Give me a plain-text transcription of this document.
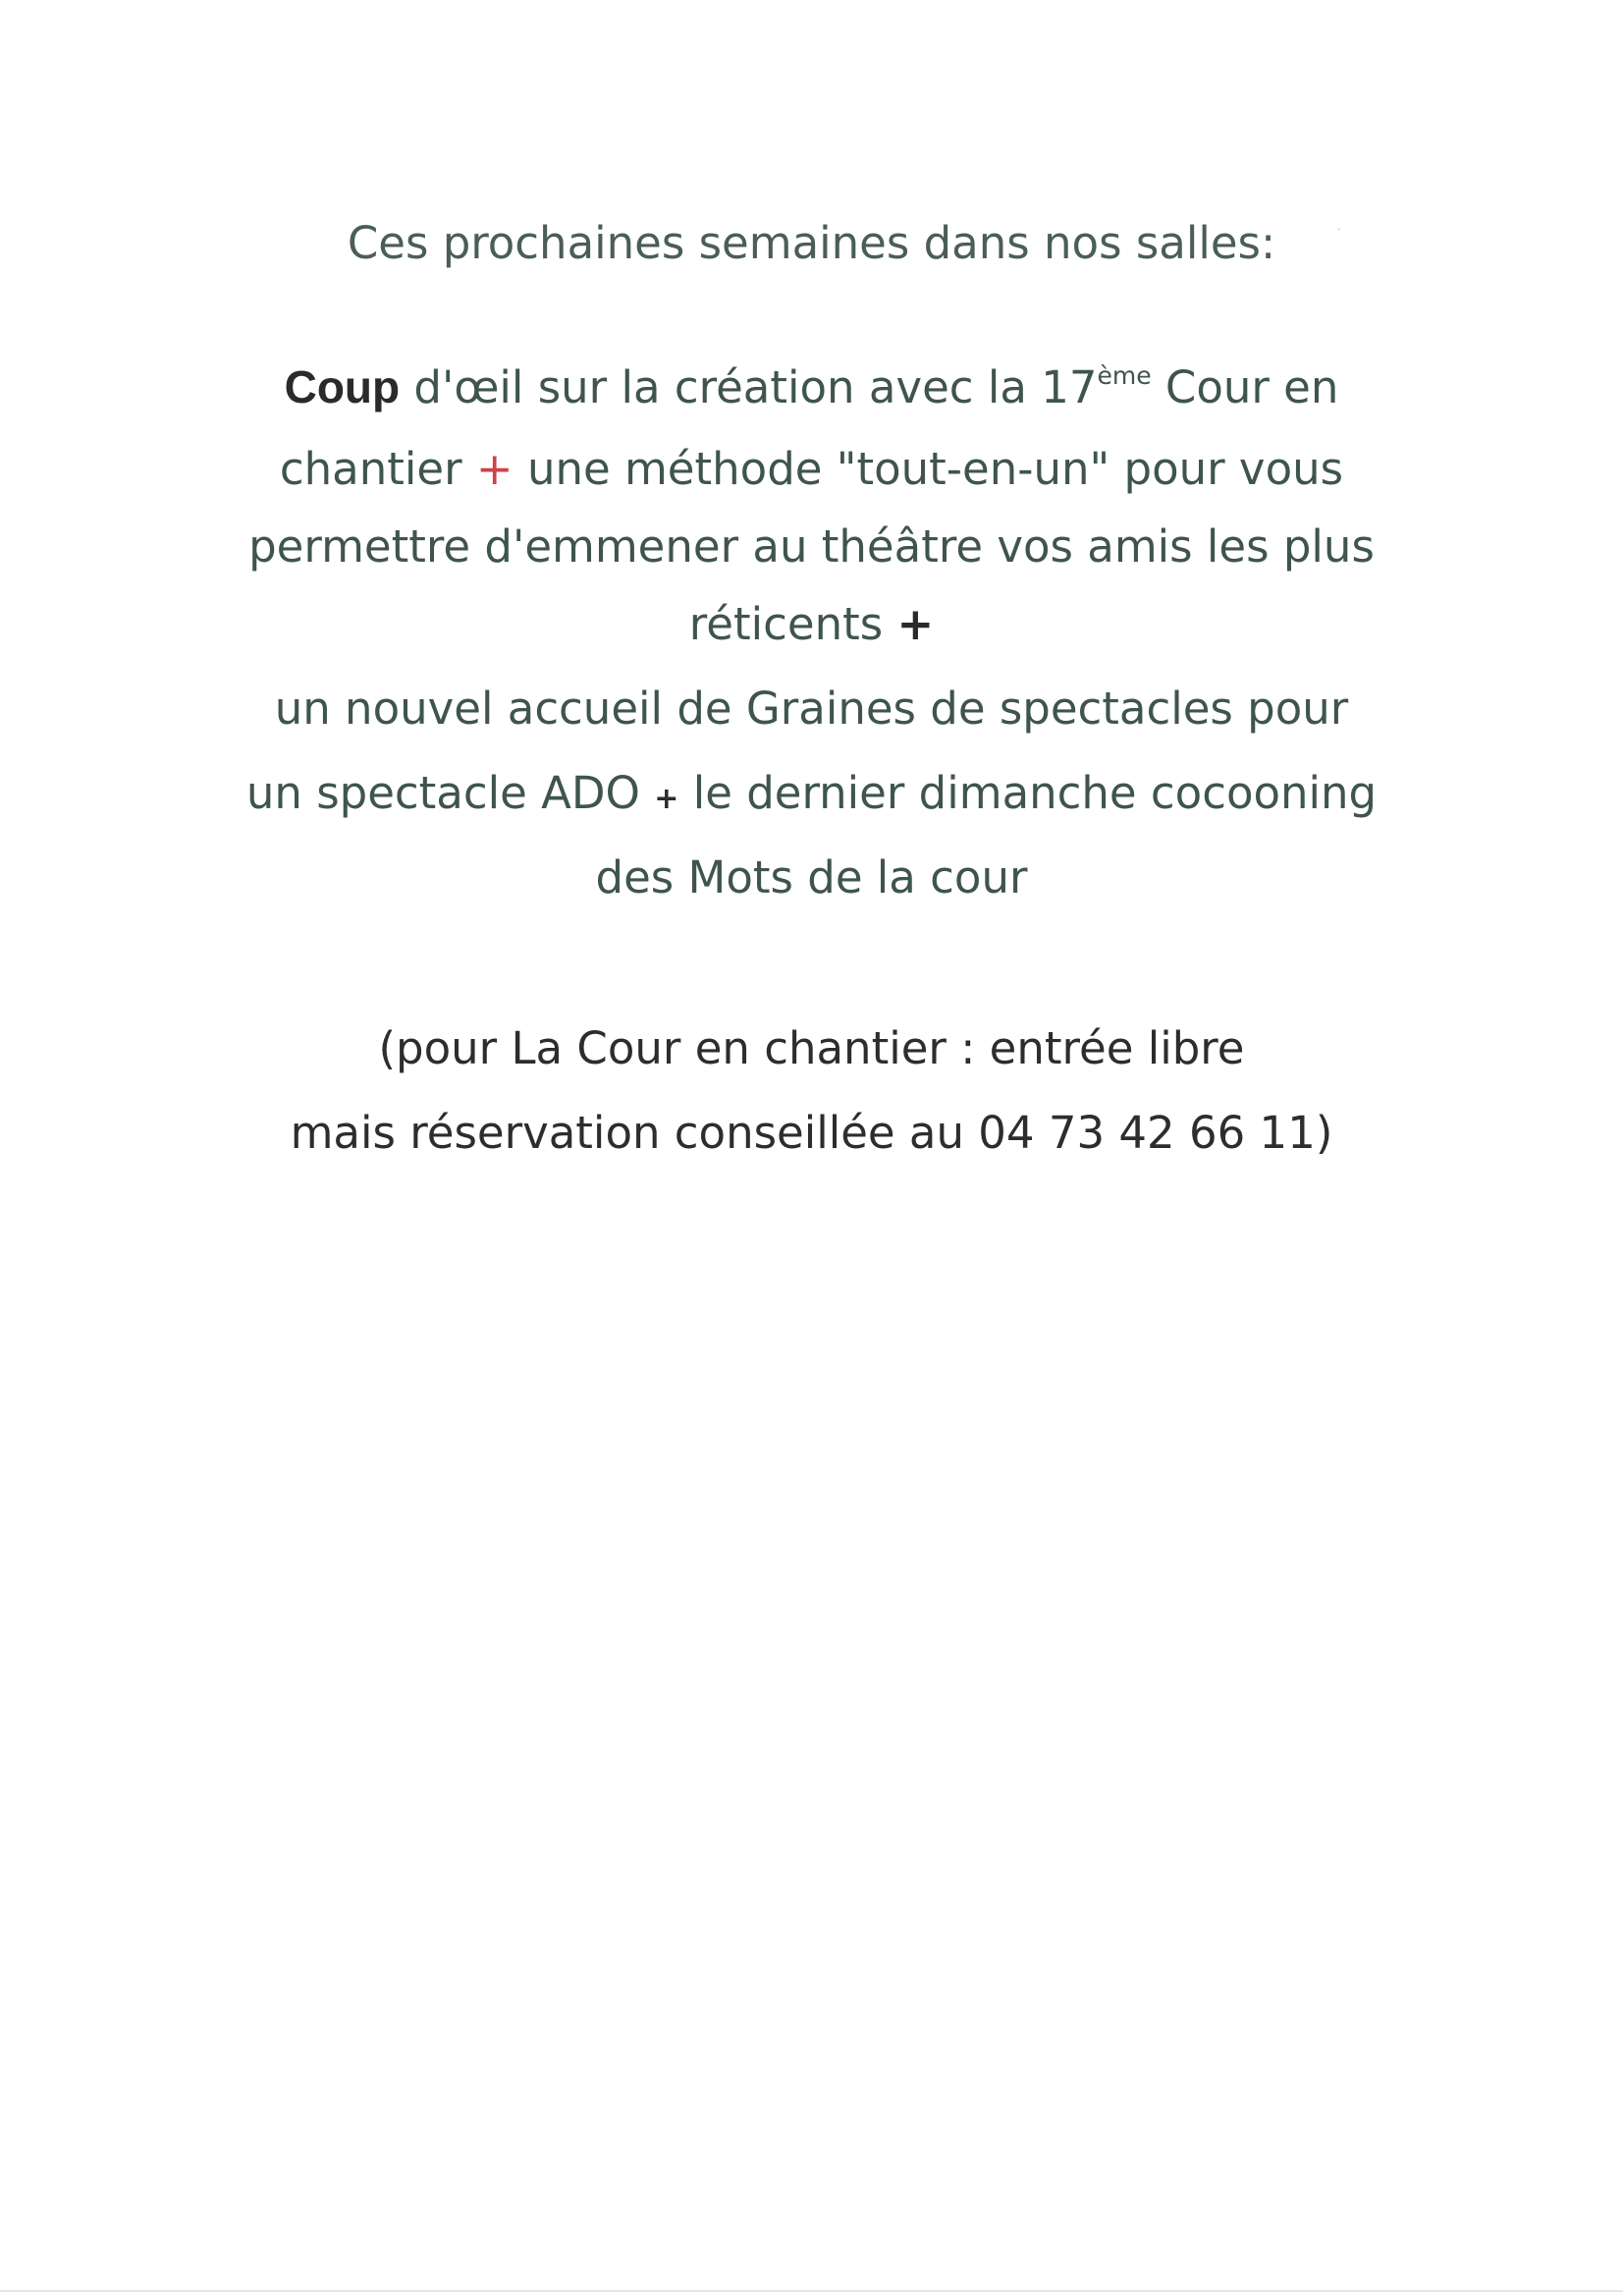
Ces prochaines semaines dans nos salles:
Coup d'œil sur la création avec la 17ème Cour en
chantier + une méthode "tout-en-un" pour vous
permettre d'emmener au théâtre vos amis les plus
réticents +
un nouvel accueil de Graines de spectacles pour
un spectacle ADO + le dernier dimanche cocooning
des Mots de la cour
(pour La Cour en chantier : entrée libre
mais réservation conseillée au 04 73 42 66 11)
